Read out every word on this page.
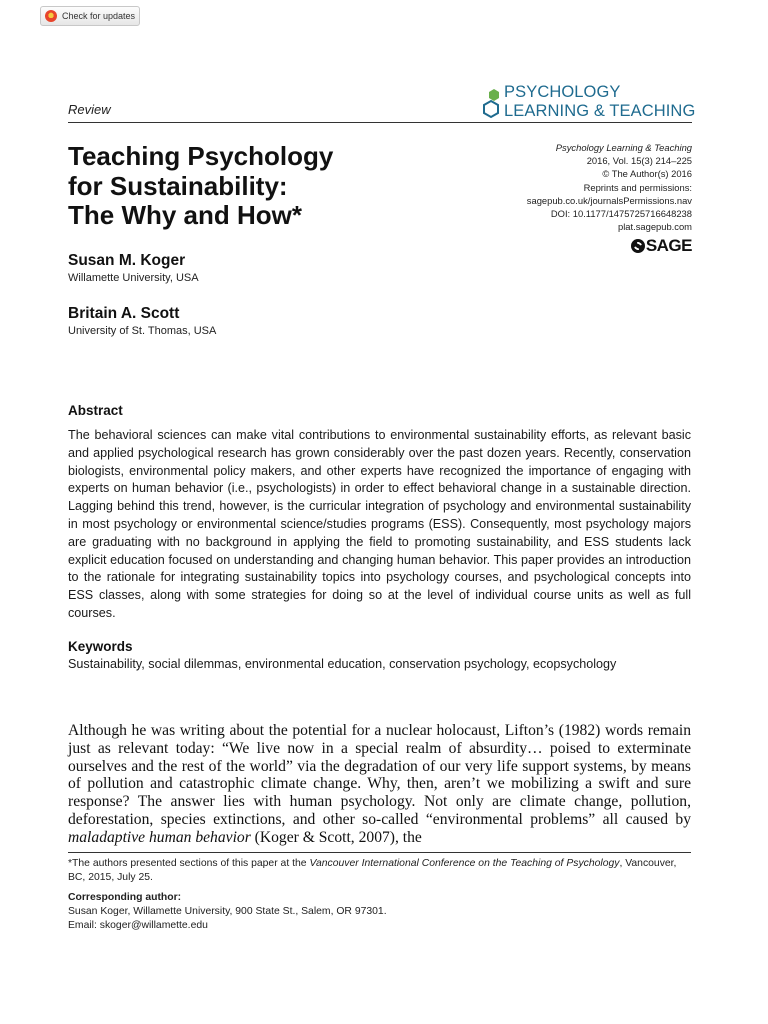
Check for updates
Review
PSYCHOLOGY
LEARNING & TEACHING
Teaching Psychology
for Sustainability:
The Why and How*
Psychology Learning & Teaching
2016, Vol. 15(3) 214–225
© The Author(s) 2016
Reprints and permissions:
sagepub.co.uk/journalsPermissions.nav
DOI: 10.1177/1475725716648238
plat.sagepub.com
SAGE
Susan M. Koger
Willamette University, USA
Britain A. Scott
University of St. Thomas, USA
Abstract

The behavioral sciences can make vital contributions to environmental sustainability efforts, as relevant basic and applied psychological research has grown considerably over the past dozen years. Recently, conservation biologists, environmental policy makers, and other experts have recognized the importance of engaging with experts on human behavior (i.e., psychologists) in order to effect behavioral change in a sustainable direction. Lagging behind this trend, however, is the curricular integration of psychology and environmental sustainability in most psychology or environmental science/studies programs (ESS). Consequently, most psychology majors are graduating with no background in applying the field to promoting sustainability, and ESS students lack explicit education focused on understanding and changing human behavior. This paper provides an introduction to the rationale for integrating sustainability topics into psychology courses, and psychological concepts into ESS classes, along with some strategies for doing so at the level of individual course units as well as full courses.

Keywords
Sustainability, social dilemmas, environmental education, conservation psychology, ecopsychology

Although he was writing about the potential for a nuclear holocaust, Lifton’s (1982) words remain just as relevant today: “We live now in a special realm of absurdity… poised to exterminate ourselves and the rest of the world” via the degradation of our very life support systems, by means of pollution and catastrophic climate change. Why, then, aren’t we mobilizing a swift and sure response? The answer lies with human psychology. Not only are climate change, pollution, deforestation, species extinctions, and other so-called “environmental problems” all caused by maladaptive human behavior (Koger & Scott, 2007), the

*The authors presented sections of this paper at the Vancouver International Conference on the Teaching of Psychology, Vancouver, BC, 2015, July 25.

Corresponding author:
Susan Koger, Willamette University, 900 State St., Salem, OR 97301.
Email: skoger@willamette.edu
